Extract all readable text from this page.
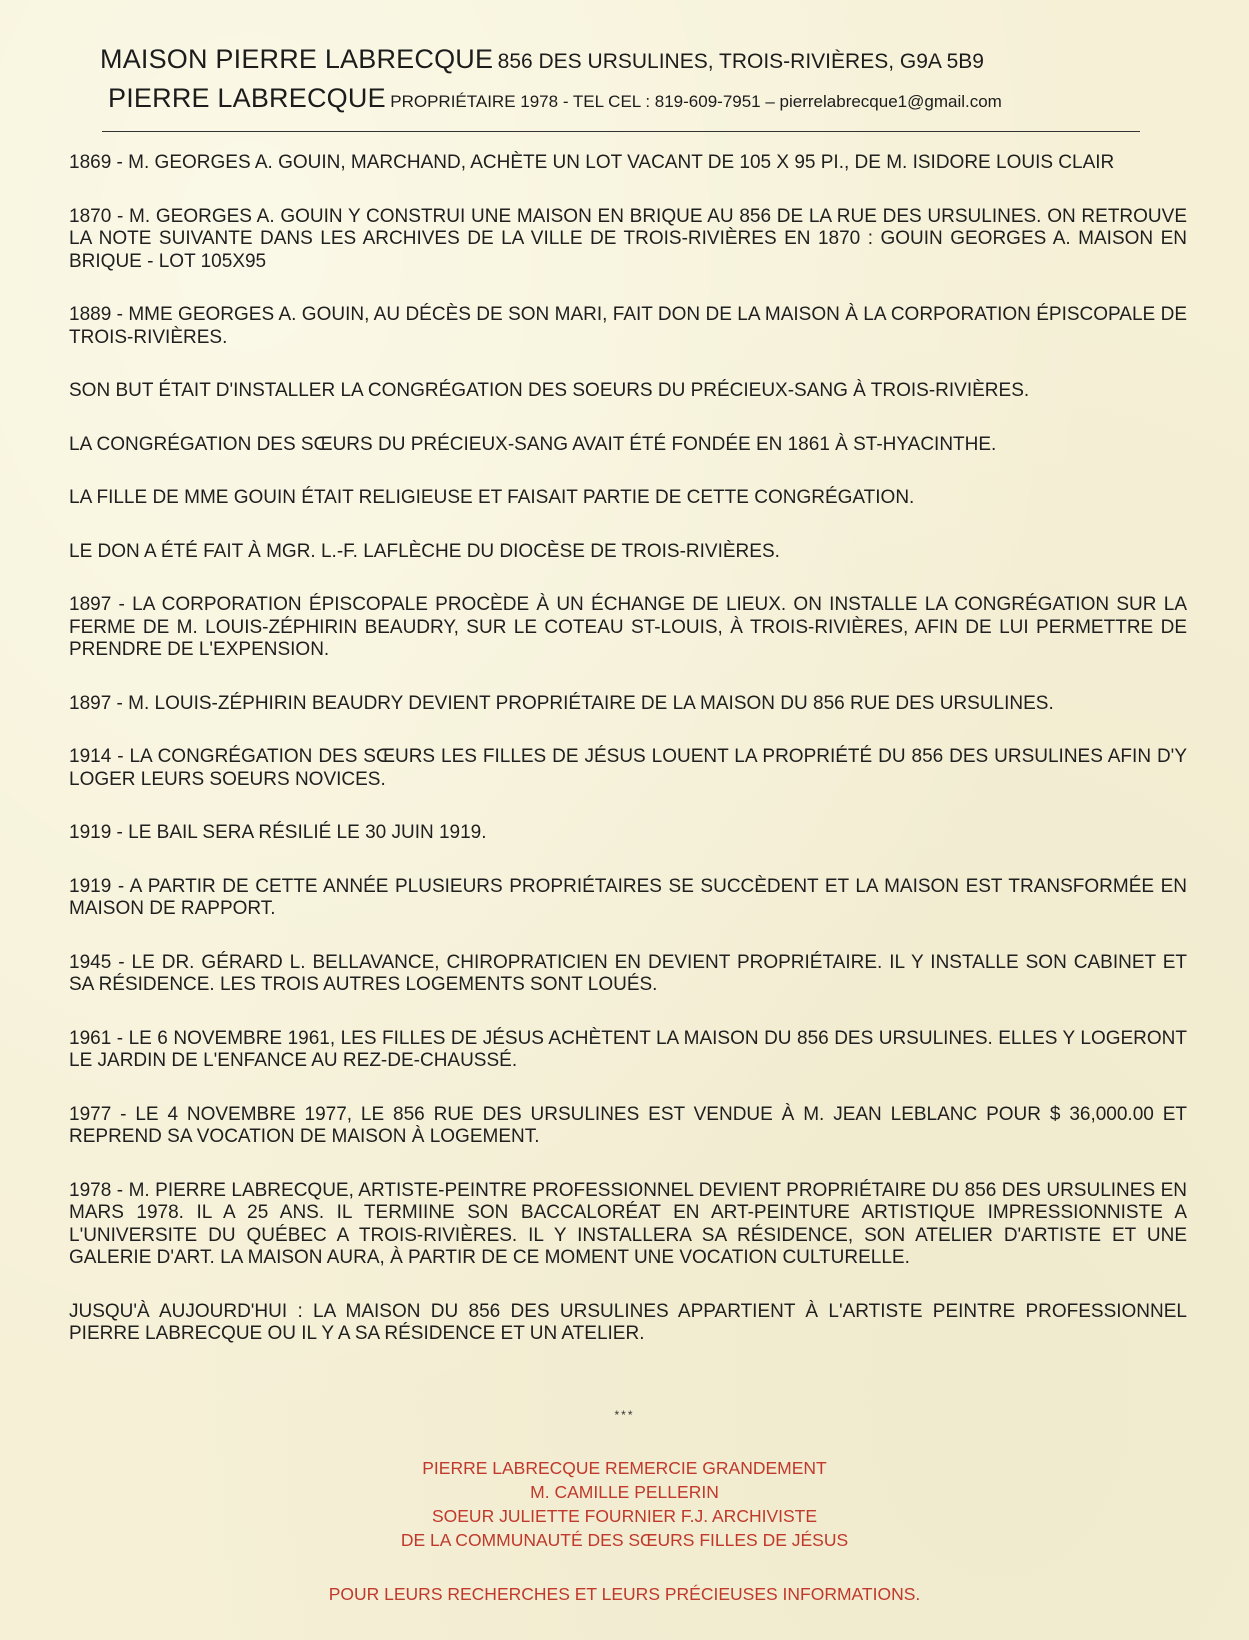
MAISON PIERRE LABRECQUE 856 DES URSULINES, TROIS-RIVIÈRES, G9A 5B9
PIERRE LABRECQUE PROPRIÉTAIRE 1978 - TEL CEL : 819-609-7951 – pierrelabrecque1@gmail.com

1869 - M. GEORGES A. GOUIN, MARCHAND, ACHÈTE UN LOT VACANT DE 105 X 95 PI., DE M. ISIDORE LOUIS CLAIR

1870 - M. GEORGES A. GOUIN Y CONSTRUI UNE MAISON EN BRIQUE AU 856 DE LA RUE DES URSULINES. ON RETROUVE LA NOTE SUIVANTE DANS LES ARCHIVES DE LA VILLE DE TROIS-RIVIÈRES EN 1870 : GOUIN GEORGES A. MAISON EN BRIQUE - LOT 105X95

1889 - MME GEORGES A. GOUIN, AU DÉCÈS DE SON MARI, FAIT DON DE LA MAISON À LA CORPORATION ÉPISCOPALE DE TROIS-RIVIÈRES.

SON BUT ÉTAIT D'INSTALLER LA CONGRÉGATION DES SOEURS DU PRÉCIEUX-SANG À TROIS-RIVIÈRES.

LA CONGRÉGATION DES SŒURS DU PRÉCIEUX-SANG AVAIT ÉTÉ FONDÉE EN 1861 À ST-HYACINTHE.

LA FILLE DE MME GOUIN ÉTAIT RELIGIEUSE ET FAISAIT PARTIE DE CETTE CONGRÉGATION.

LE DON A ÉTÉ FAIT À MGR. L.-F. LAFLÈCHE DU DIOCÈSE DE TROIS-RIVIÈRES.

1897 - LA CORPORATION ÉPISCOPALE PROCÈDE À UN ÉCHANGE DE LIEUX. ON INSTALLE LA CONGRÉGATION SUR LA FERME DE M. LOUIS-ZÉPHIRIN BEAUDRY, SUR LE COTEAU ST-LOUIS, À TROIS-RIVIÈRES, AFIN DE LUI PERMETTRE DE PRENDRE DE L'EXPENSION.

1897 - M. LOUIS-ZÉPHIRIN BEAUDRY DEVIENT PROPRIÉTAIRE DE LA MAISON DU 856 RUE DES URSULINES.

1914 - LA CONGRÉGATION DES SŒURS LES FILLES DE JÉSUS LOUENT LA PROPRIÉTÉ DU 856 DES URSULINES AFIN D'Y LOGER LEURS SOEURS NOVICES.

1919 - LE BAIL SERA RÉSILIÉ LE 30 JUIN 1919.

1919 - A PARTIR DE CETTE ANNÉE PLUSIEURS PROPRIÉTAIRES SE SUCCÈDENT ET LA MAISON EST TRANSFORMÉE EN MAISON DE RAPPORT.

1945 - LE DR. GÉRARD L. BELLAVANCE, CHIROPRATICIEN EN DEVIENT PROPRIÉTAIRE. IL Y INSTALLE SON CABINET ET SA RÉSIDENCE. LES TROIS AUTRES LOGEMENTS SONT LOUÉS.

1961 - LE 6 NOVEMBRE 1961, LES FILLES DE JÉSUS ACHÈTENT LA MAISON DU 856 DES URSULINES. ELLES Y LOGERONT LE JARDIN DE L'ENFANCE AU REZ-DE-CHAUSSÉ.

1977 - LE 4 NOVEMBRE 1977, LE 856 RUE DES URSULINES EST VENDUE À M. JEAN LEBLANC POUR $ 36,000.00 ET REPREND SA VOCATION DE MAISON À LOGEMENT.

1978 - M. PIERRE LABRECQUE, ARTISTE-PEINTRE PROFESSIONNEL DEVIENT PROPRIÉTAIRE DU 856 DES URSULINES EN MARS 1978. IL A 25 ANS. IL TERMIINE SON BACCALORÉAT EN ART-PEINTURE ARTISTIQUE IMPRESSIONNISTE A L'UNIVERSITE DU QUÉBEC A TROIS-RIVIÈRES. IL Y INSTALLERA SA RÉSIDENCE, SON ATELIER D'ARTISTE ET UNE GALERIE D'ART. LA MAISON AURA, À PARTIR DE CE MOMENT UNE VOCATION CULTURELLE.

JUSQU'À AUJOURD'HUI : LA MAISON DU 856 DES URSULINES APPARTIENT À L'ARTISTE PEINTRE PROFESSIONNEL PIERRE LABRECQUE OU IL Y A SA RÉSIDENCE ET UN ATELIER.

***
PIERRE LABRECQUE REMERCIE GRANDEMENT
M. CAMILLE PELLERIN
SOEUR JULIETTE FOURNIER F.J. ARCHIVISTE
DE LA COMMUNAUTÉ DES SŒURS FILLES DE JÉSUS
POUR LEURS RECHERCHES ET LEURS PRÉCIEUSES INFORMATIONS.
